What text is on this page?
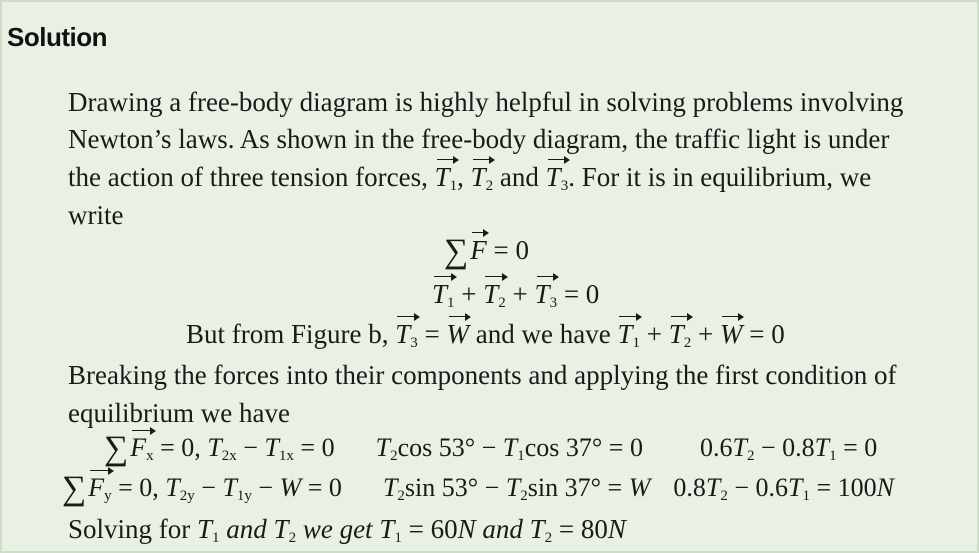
Solution
Drawing a free-body diagram is highly helpful in solving problems involving
Newton’s laws. As shown in the free-body diagram, the traffic light is under
the action of three tension forces, $T_1$
, $T_2$ and $T_3$
. For it is in equilibrium, we
write
∑F = 0
$T_1$
+ $T_2$
+ $T_3 = 0$
But from Figure b, $T_3$
= W and we have $T_1$
+ $T_2$
+ W = 0
Breaking the forces into their components and applying the first condition of
equilibrium we have
$\sum F_x = 0$, $T_{2x} - T_{1x} = 0$ $T_2\cos$ $53^\circ - T_1\cos$ 37° = 0 $0.6T_2 - 0.8T_1 = 0$
$\sum F_y = 0$, $T_{2y} - T_{1y} - W = 0$ $T_2\sin$ $53^\circ - T_2\sin$ 37° = W $0.8T_2 - 0.6T_1 = 100N$
Solving for $T_1$ and $T_2$ we get $T_1 = 60N$ and $T_2 = 80N$
